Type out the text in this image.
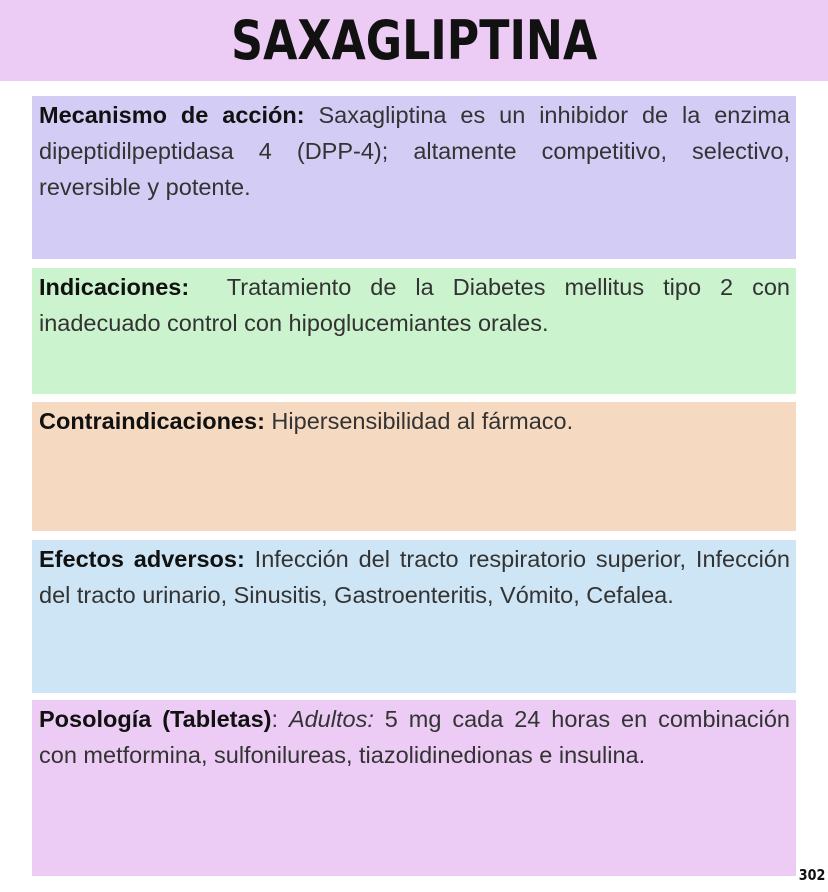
SAXAGLIPTINA
Mecanismo de acción: Saxagliptina es un inhibidor de la enzima dipeptidilpeptidasa 4 (DPP-4); altamente competitivo, selectivo, reversible y potente.
Indicaciones:  Tratamiento de la Diabetes mellitus tipo 2 con inadecuado control con hipoglucemiantes orales.
Contraindicaciones: Hipersensibilidad al fármaco.
Efectos adversos: Infección del tracto respiratorio superior, Infección del tracto urinario, Sinusitis, Gastroenteritis, Vómito, Cefalea.
Posología (Tabletas): Adultos: 5 mg cada 24 horas en combinación con metformina, sulfonilureas, tiazolidinedionas e insulina.
302
